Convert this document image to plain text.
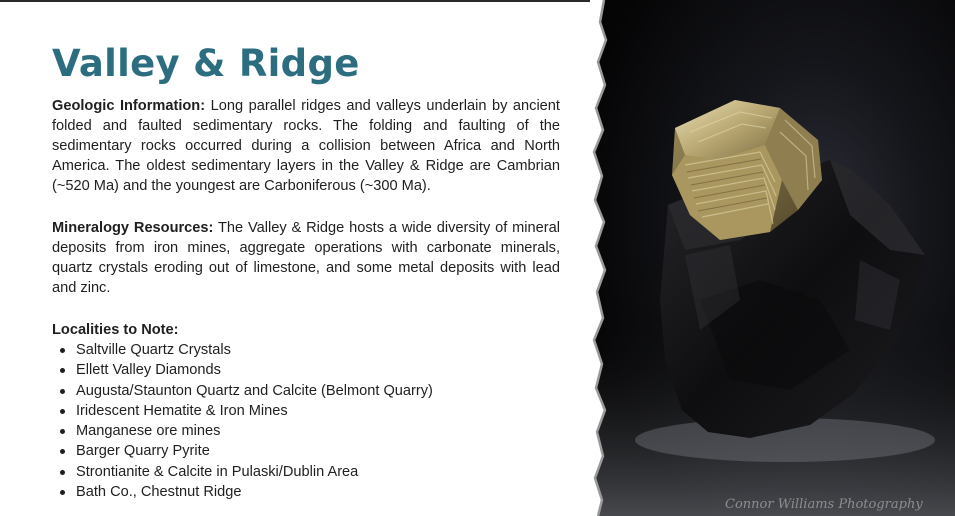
Valley & Ridge

Geologic Information: Long parallel ridges and valleys underlain by ancient folded and faulted sedimentary rocks. The folding and faulting of the sedimentary rocks occurred during a collision between Africa and North America. The oldest sedimentary layers in the Valley & Ridge are Cambrian (~520 Ma) and the youngest are Carboniferous (~300 Ma).

Mineralogy Resources: The Valley & Ridge hosts a wide diversity of mineral deposits from iron mines, aggregate operations with carbonate minerals, quartz crystals eroding out of limestone, and some metal deposits with lead and zinc.

Localities to Note:

Saltville Quartz Crystals
Ellett Valley Diamonds
Augusta/Staunton Quartz and Calcite (Belmont Quarry)
Iridescent Hematite & Iron Mines
Manganese ore mines
Barger Quarry Pyrite
Strontianite & Calcite in Pulaski/Dublin Area
Bath Co., Chestnut Ridge
Connor Williams Photography
